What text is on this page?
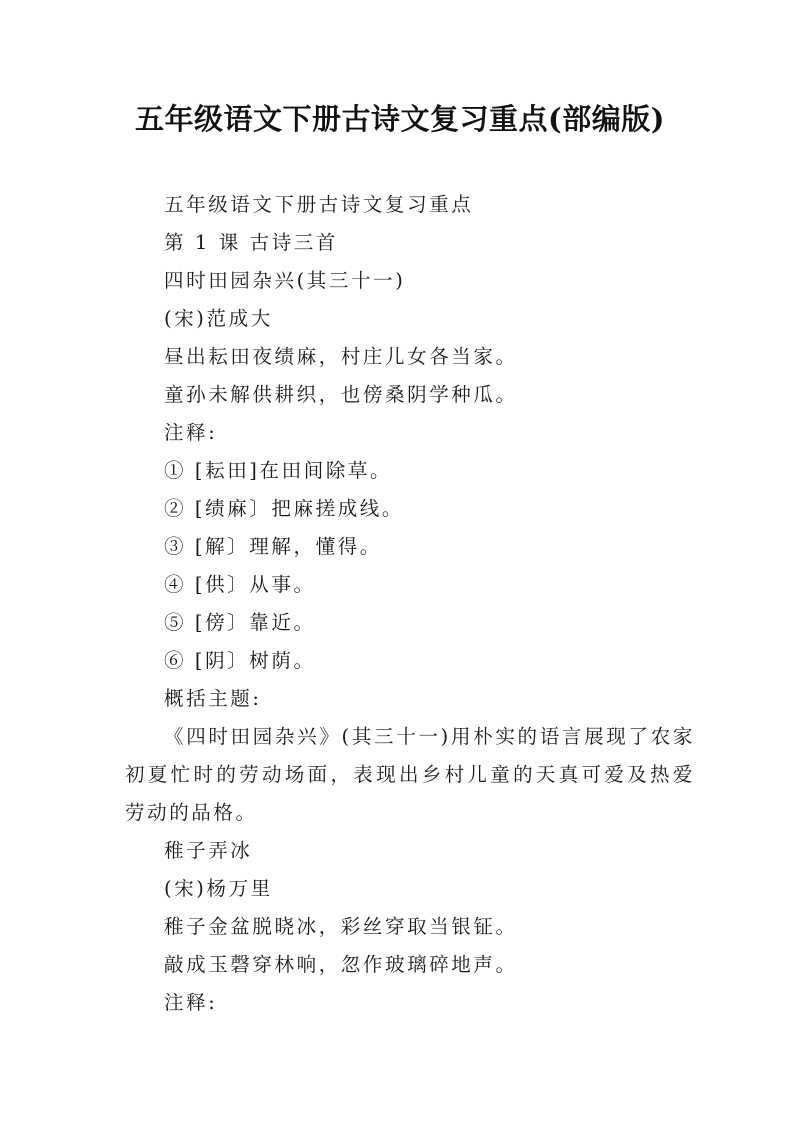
五年级语文下册古诗文复习重点(部编版)
五年级语文下册古诗文复习重点
第 1 课 古诗三首
四时田园杂兴(其三十一)
(宋)范成大
昼出耘田夜绩麻，村庄儿女各当家。
童孙未解供耕织，也傍桑阴学种瓜。
注释:
① [耘田]在田间除草。
② [绩麻〕把麻搓成线。
③ [解〕理解，懂得。
④ [供〕从事。
⑤ [傍〕靠近。
⑥ [阴〕树荫。
概括主题:
《四时田园杂兴》(其三十一)用朴实的语言展现了农家初夏忙时的劳动场面，表现出乡村儿童的天真可爱及热爱劳动的品格。
稚子弄冰
(宋)杨万里
稚子金盆脱晓冰，彩丝穿取当银钲。
敲成玉磬穿林响，忽作玻璃碎地声。
注释:
